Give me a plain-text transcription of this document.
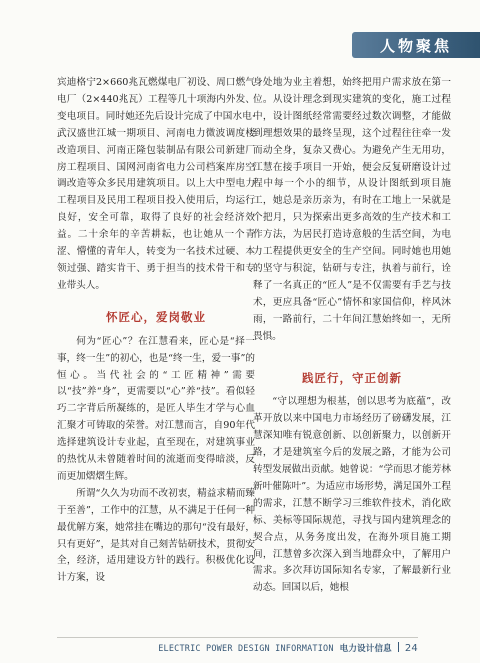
人物聚焦

宾迪格宁2×660兆瓦燃煤电厂初设、周口燃气电厂（2×440兆瓦）工程等几十项海内外发、变电项目。同时她还先后设计完成了中国水电·武汉盛世江城一期项目、河南电力微波调度楼改造项目、河南正隆包装制品有限公司新建厂房工程项目、国网河南省电力公司档案库房空调改造等众多民用建筑项目。以上大中型电力工程项目及民用工程项目投入使用后，均运行良好，安全可靠，取得了良好的社会经济效益。二十余年的辛苦耕耘，也让她从一个青涩、懵懂的青年人，转变为一名技术过硬、本领过强、踏实肯干、勇于担当的技术骨干和专业带头人。

怀匠心，爱岗敬业

何为“匠心”？在江慧看来，匠心是“择一事，终一生”的初心，也是“终一生，爱一事”的恒心。当代社会的“工匠精神”需要以“技”养“身”，更需要以“心”养“技”。看似轻巧二字背后所凝练的，是匠人毕生才学与心血汇聚才可铸取的荣誉。对江慧而言，自90年代选择建筑设计专业起，直至现在，对建筑事业的热忱从未曾随着时间的流逝而变得暗淡，反而更加熠熠生辉。

所谓“久久为功而不改初衷，精益求精而臻于至善”，工作中的江慧，从不满足于任何一种最优解方案，她常挂在嘴边的那句“没有最好，只有更好”，是其对自己刻苦钻研技术，贯彻安全，经济，适用建设方针的践行。积极优化设计方案，设

身处地为业主着想，始终把用户需求放在第一位。从设计理念到现实建筑的变化，施工过程中，设计图纸经常需要经过数次调整，才能做到理想效果的最终呈现，这个过程往往牵一发而动全身，复杂又费心。为避免产生无用功，江慧在接手项目一开始，便会反复研磨设计过程中每一个小的细节，从设计图纸到项目施工，她总是亲历亲为，有时在工地上一呆就是个把月，只为探索出更多高效的生产技术和工作方法，为居民打造诗意般的生活空间，为电力工程提供更安全的生产空间。同时她也用她的坚守与积淀，钻研与专注，执着与前行，诠释了一名真正的“匠人”是不仅需要有手艺与技术，更应具备“匠心”情怀和家国信仰，梓风沐雨，一路前行，二十年间江慧始终如一，无所畏惧。

践匠行，守正创新

“守以理想为根基，创以思考为底蕴”，改革开放以来中国电力市场经历了磅礴发展，江慧深知唯有锐意创新、以创新聚力，以创新开路，才是建筑室今后的发展之路，才能为公司转型发展做出贡献。她曾说：“学而思才能芳林新叶催陈叶”。为适应市场形势，满足国外工程的需求，江慧不断学习三维软件技术，消化欧标、美标等国际规范，寻找与国内建筑理念的契合点，从务务度出发，在海外项目施工期间，江慧曾多次深入到当地群众中，了解用户需求。多次拜访国际知名专家，了解最新行业动态。回国以后，她根

ELECTRIC POWER DESIGN INFORMATION 电力设计信息 24
